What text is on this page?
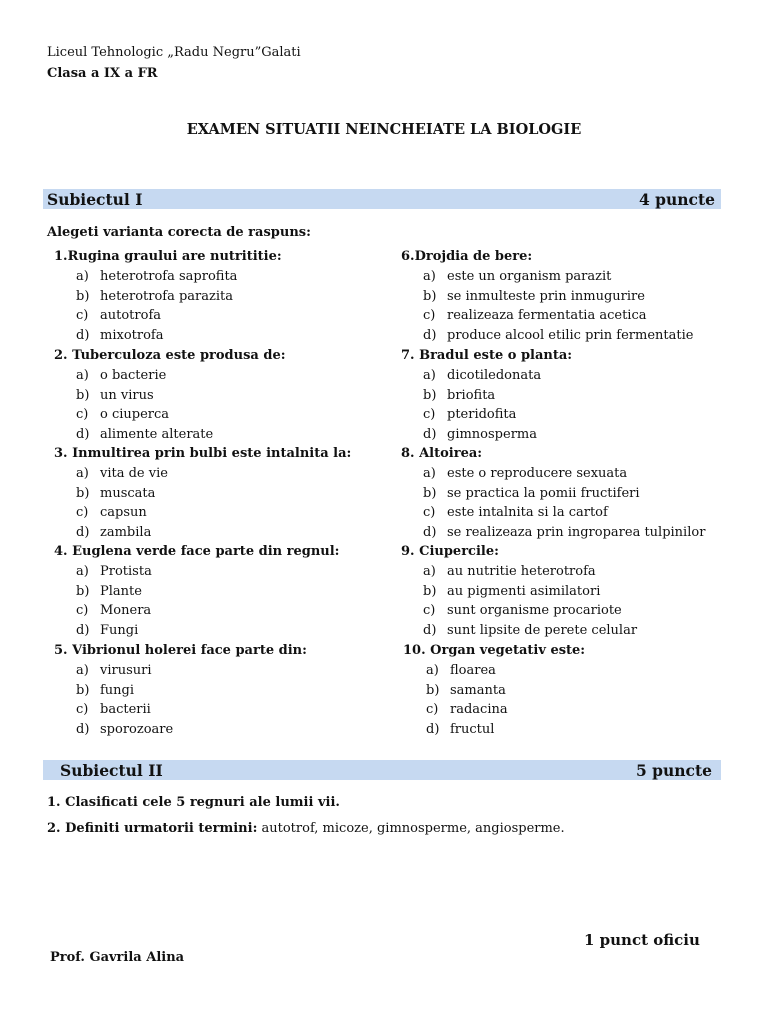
Liceul Tehnologic „Radu Negru”Galati
Clasa a IX a FR
EXAMEN SITUATII NEINCHEIATE LA BIOLOGIE
Subiectul I	4 puncte
Alegeti varianta corecta de raspuns:
1.Rugina graului are nutrititie:
a) heterotrofa saprofita
b) heterotrofa parazita
c) autotrofa
d) mixotrofa
2. Tuberculoza este produsa de:
a) o bacterie
b) un virus
c) o ciuperca
d) alimente alterate
3. Inmultirea prin bulbi este intalnita la:
a) vita de vie
b) muscata
c) capsun
d) zambila
4. Euglena verde face parte din regnul:
a) Protista
b) Plante
c) Monera
d) Fungi
5. Vibrionul holerei face parte din:
a) virusuri
b) fungi
c) bacterii
d) sporozoare
6.Drojdia de bere:
a) este un organism parazit
b) se inmulteste prin inmugurire
c) realizeaza fermentatia acetica
d) produce alcool etilic prin fermentatie
7. Bradul este o planta:
a) dicotiledonata
b) briofita
c) pteridofita
d) gimnosperma
8. Altoirea:
a) este o reproducere sexuata
b) se practica la pomii fructiferi
c) este intalnita si la cartof
d) se realizeaza prin ingroparea tulpinilor
9. Ciupercile:
a) au nutritie heterotrofa
b) au pigmenti asimilatori
c) sunt organisme procariote
d) sunt lipsite de perete celular
10. Organ vegetativ este:
a) floarea
b) samanta
c) radacina
d) fructul
Subiectul II	5 puncte
1. Clasificati cele 5 regnuri ale lumii vii.
2. Definiti urmatorii termini: autotrof, micoze, gimnosperme, angiosperme.
1 punct oficiu
Prof. Gavrila Alina
